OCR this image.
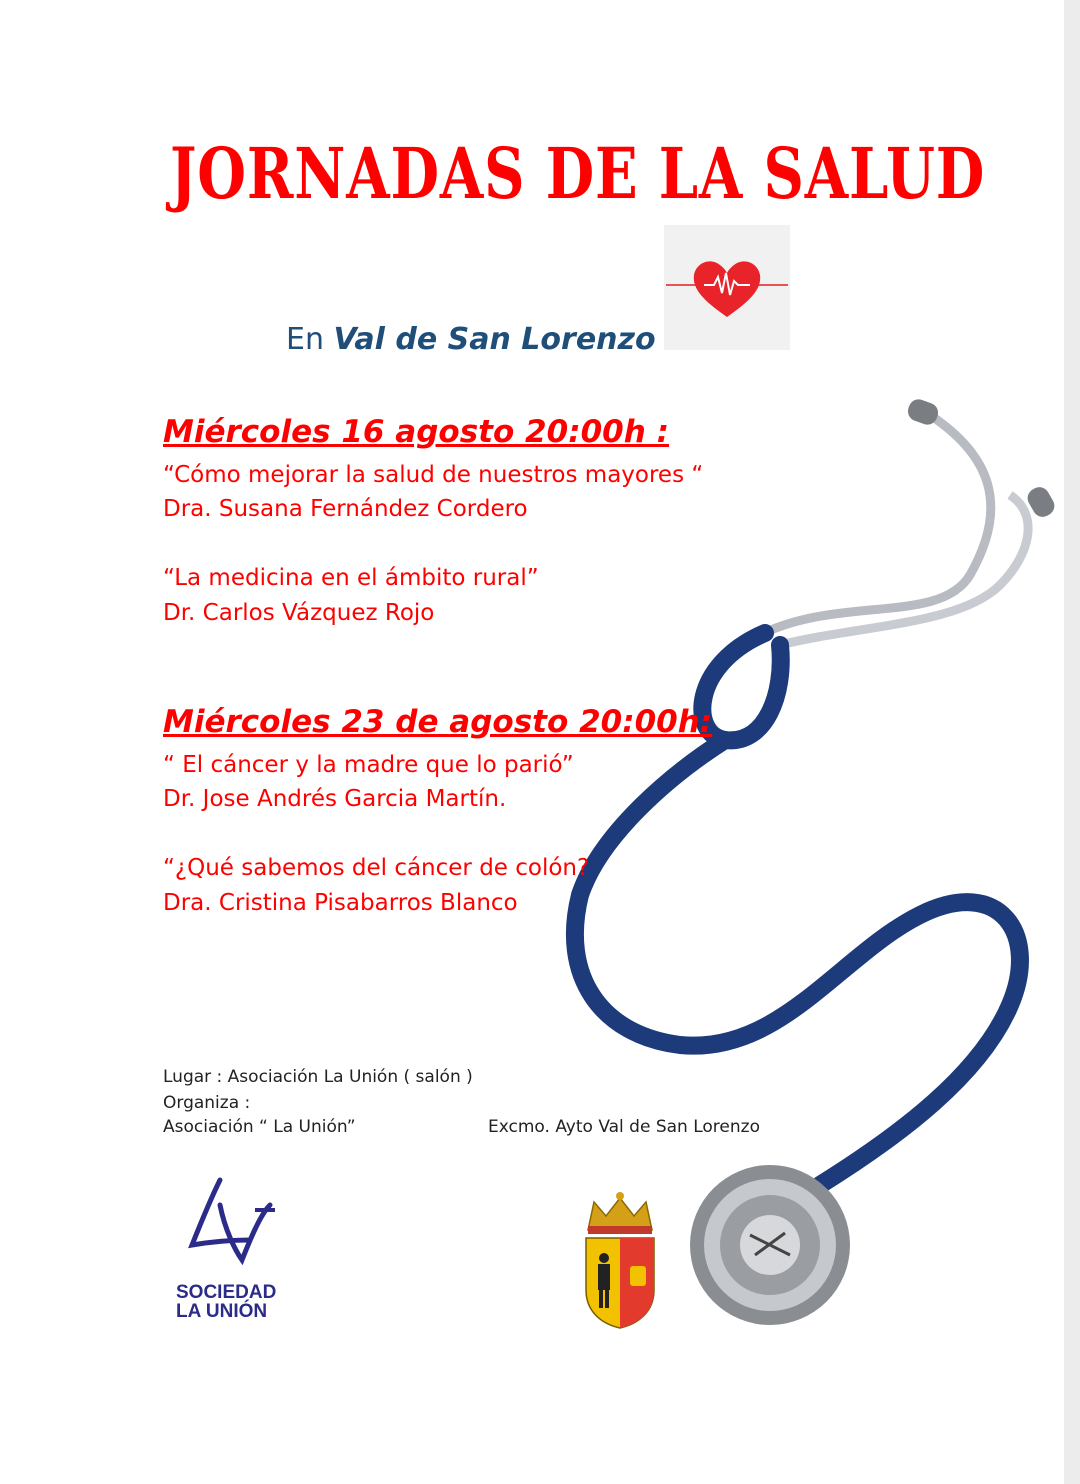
JORNADAS DE LA SALUD
En Val de San Lorenzo
Miércoles 16 agosto 20:00h :
“Cómo mejorar la salud de nuestros mayores “
Dra. Susana Fernández Cordero
“La medicina en el ámbito rural”
Dr. Carlos Vázquez Rojo
Miércoles 23 de agosto 20:00h:
“ El cáncer y la madre que lo parió”
Dr. Jose Andrés Garcia Martín.
“¿Qué sabemos del cáncer de colón?
Dra. Cristina Pisabarros Blanco
Lugar : Asociación La Unión ( salón )
Organiza :
Asociación “ La Unión”	Excmo. Ayto Val de San Lorenzo
SOCIEDAD
LA UNIÓN
